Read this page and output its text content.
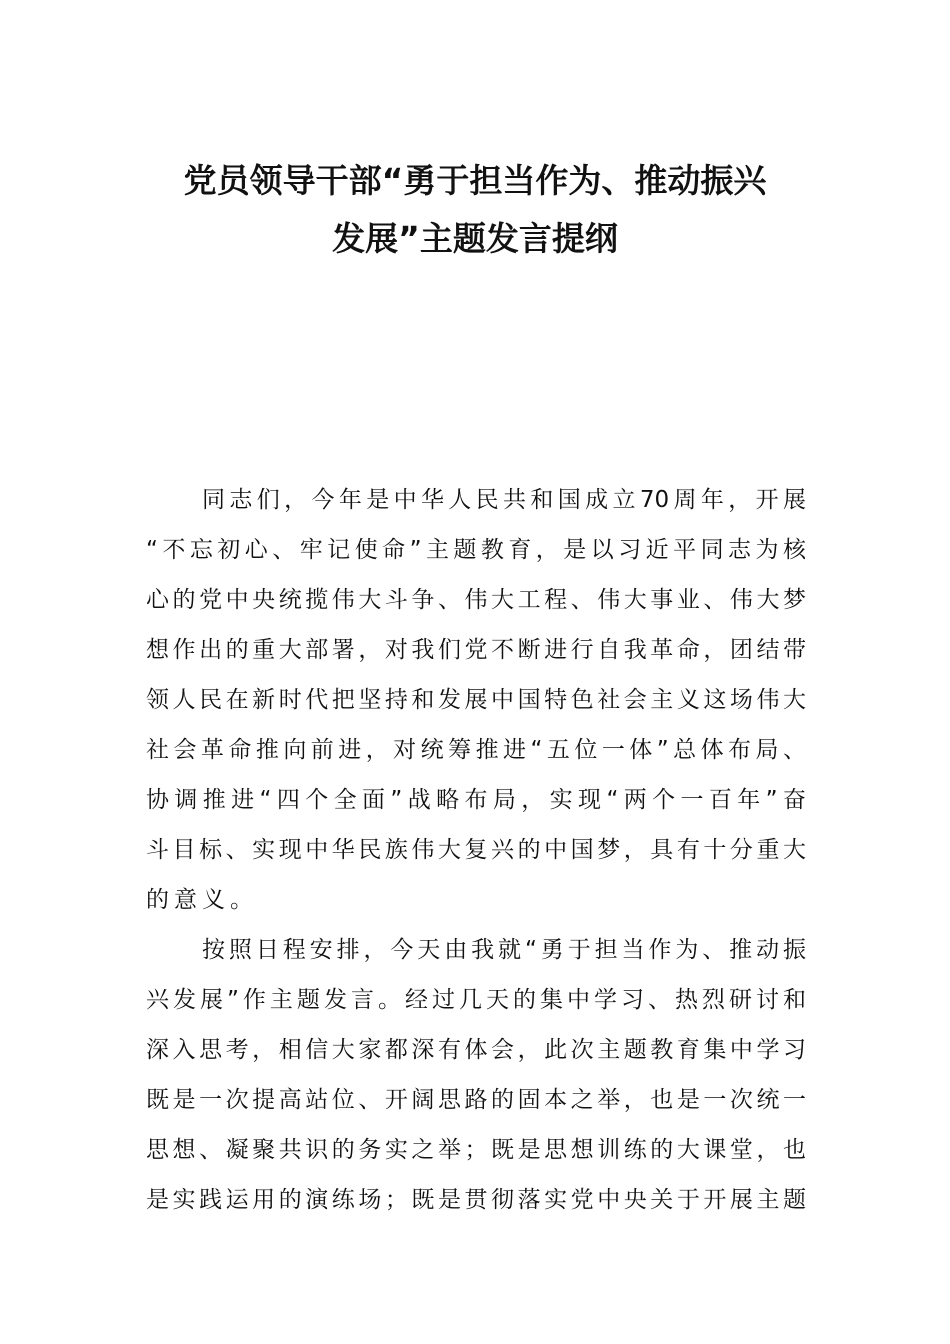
党员领导干部“勇于担当作为、推动振兴
发展”主题发言提纲
同志们，今年是中华人民共和国成立70周年，开展
“不忘初心、牢记使命”主题教育，是以习近平同志为核
心的党中央统揽伟大斗争、伟大工程、伟大事业、伟大梦
想作出的重大部署，对我们党不断进行自我革命，团结带
领人民在新时代把坚持和发展中国特色社会主义这场伟大
社会革命推向前进，对统筹推进“五位一体”总体布局、
协调推进“四个全面”战略布局，实现“两个一百年”奋
斗目标、实现中华民族伟大复兴的中国梦，具有十分重大
的意义。
按照日程安排，今天由我就“勇于担当作为、推动振
兴发展”作主题发言。经过几天的集中学习、热烈研讨和
深入思考，相信大家都深有体会，此次主题教育集中学习
既是一次提高站位、开阔思路的固本之举，也是一次统一
思想、凝聚共识的务实之举；既是思想训练的大课堂，也
是实践运用的演练场；既是贯彻落实党中央关于开展主题
